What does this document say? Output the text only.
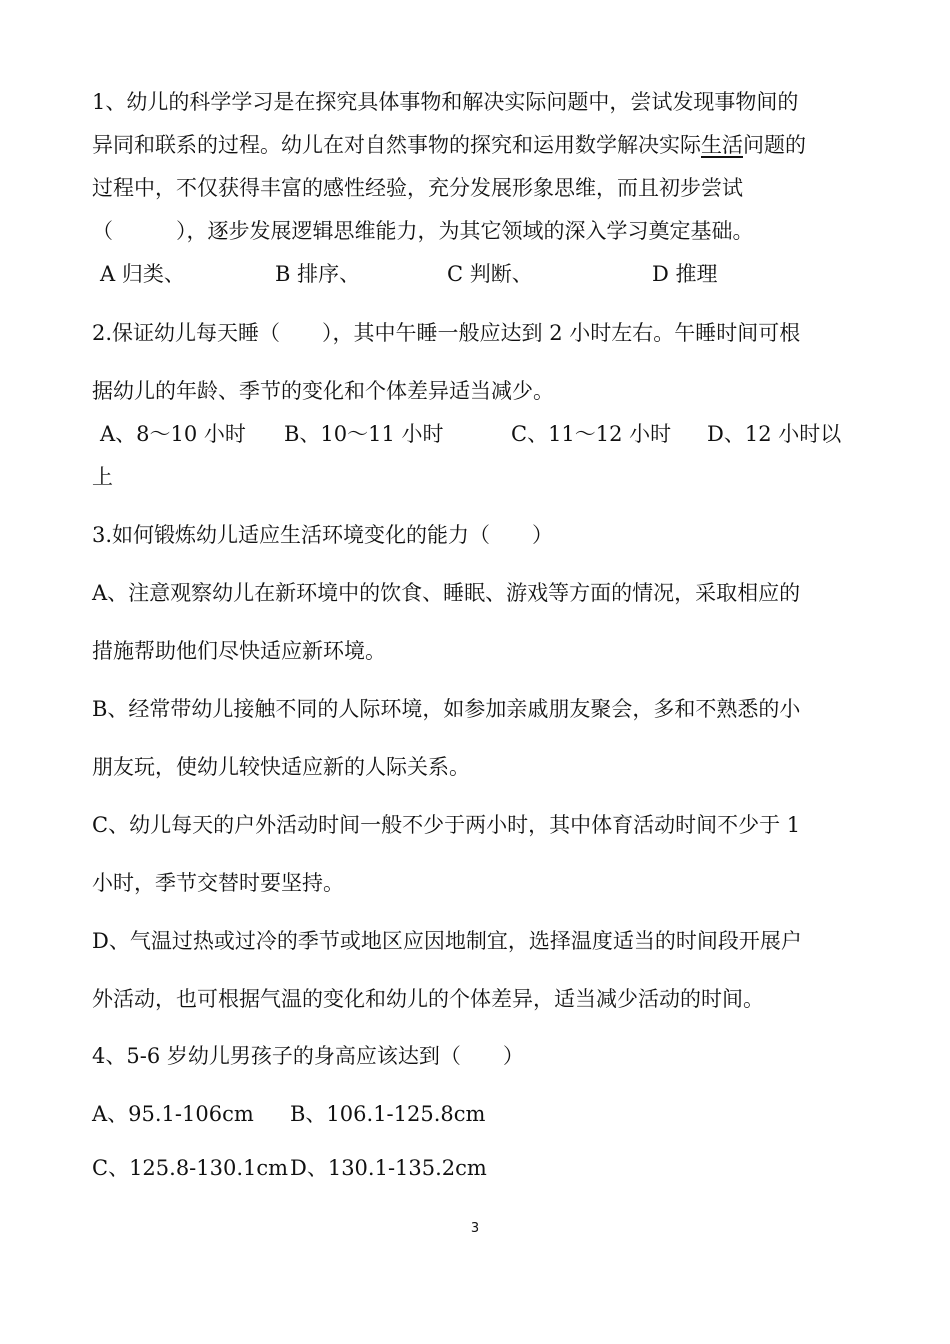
1、幼儿的科学学习是在探究具体事物和解决实际问题中，尝试发现事物间的
异同和联系的过程。幼儿在对自然事物的探究和运用数学解决实际生活问题的
过程中，不仅获得丰富的感性经验，充分发展形象思维，而且初步尝试
（　　　），逐步发展逻辑思维能力，为其它领域的深入学习奠定基础。
A 归类、	B 排序、	C 判断、	D 推理
2.保证幼儿每天睡（　　），其中午睡一般应达到 2 小时左右。午睡时间可根
据幼儿的年龄、季节的变化和个体差异适当减少。
A、8～10 小时 B、10～11 小时	C、11～12 小时 D、12 小时以
上
3.如何锻炼幼儿适应生活环境变化的能力（　　）
A、注意观察幼儿在新环境中的饮食、睡眠、游戏等方面的情况，采取相应的
措施帮助他们尽快适应新环境。
B、经常带幼儿接触不同的人际环境，如参加亲戚朋友聚会，多和不熟悉的小
朋友玩，使幼儿较快适应新的人际关系。
C、幼儿每天的户外活动时间一般不少于两小时，其中体育活动时间不少于 1
小时，季节交替时要坚持。
D、气温过热或过冷的季节或地区应因地制宜，选择温度适当的时间段开展户
外活动，也可根据气温的变化和幼儿的个体差异，适当减少活动的时间。
4、5-6 岁幼儿男孩子的身高应该达到（　　）
A、95.1-106cm B、106.1-125.8cm
C、125.8-130.1cm D、130.1-135.2cm
3
